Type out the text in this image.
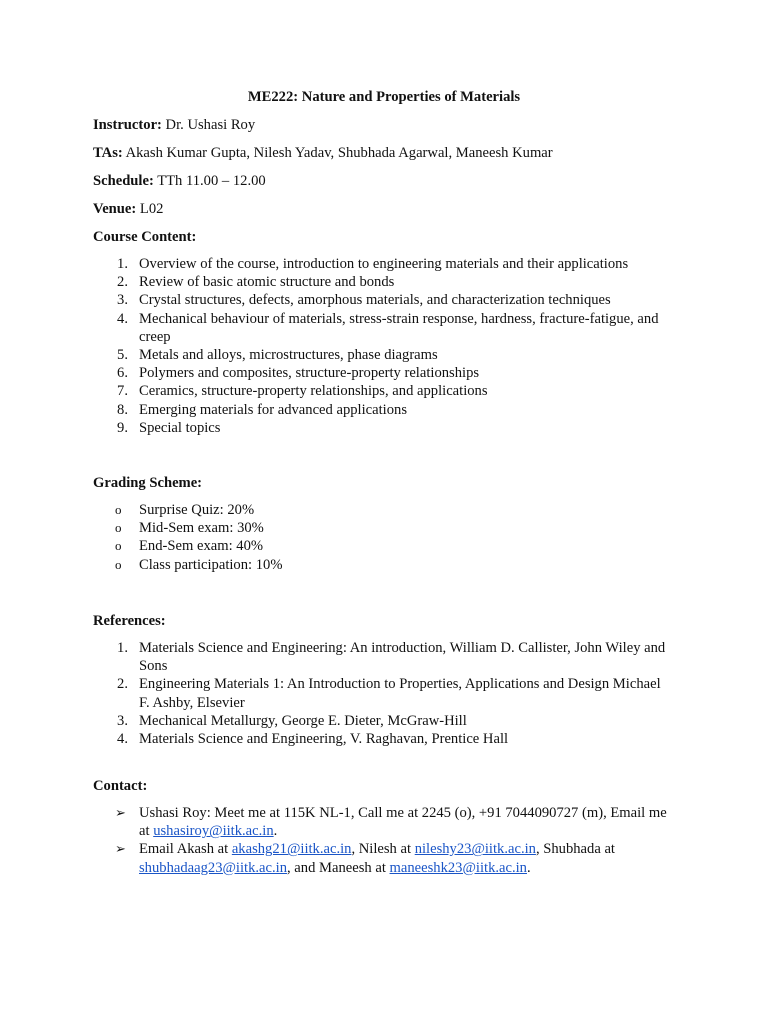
ME222: Nature and Properties of Materials
Instructor: Dr. Ushasi Roy
TAs: Akash Kumar Gupta, Nilesh Yadav, Shubhada Agarwal, Maneesh Kumar
Schedule: TTh 11.00 – 12.00
Venue: L02
Course Content:
1. Overview of the course, introduction to engineering materials and their applications
2. Review of basic atomic structure and bonds
3. Crystal structures, defects, amorphous materials, and characterization techniques
4. Mechanical behaviour of materials, stress-strain response, hardness, fracture-fatigue, and creep
5. Metals and alloys, microstructures, phase diagrams
6. Polymers and composites, structure-property relationships
7. Ceramics, structure-property relationships, and applications
8. Emerging materials for advanced applications
9. Special topics
Grading Scheme:
o	Surprise Quiz: 20%
o	Mid-Sem exam: 30%
o	End-Sem exam: 40%
o	Class participation: 10%
References:
1. Materials Science and Engineering: An introduction, William D. Callister, John Wiley and Sons
2. Engineering Materials 1: An Introduction to Properties, Applications and Design Michael F. Ashby, Elsevier
3. Mechanical Metallurgy, George E. Dieter, McGraw-Hill
4. Materials Science and Engineering, V. Raghavan, Prentice Hall
Contact:
➢ Ushasi Roy: Meet me at 115K NL-1, Call me at 2245 (o), +91 7044090727 (m), Email me at ushasiroy@iitk.ac.in.
➢ Email Akash at akashg21@iitk.ac.in, Nilesh at nileshy23@iitk.ac.in, Shubhada at shubhadaag23@iitk.ac.in, and Maneesh at maneeshk23@iitk.ac.in.
